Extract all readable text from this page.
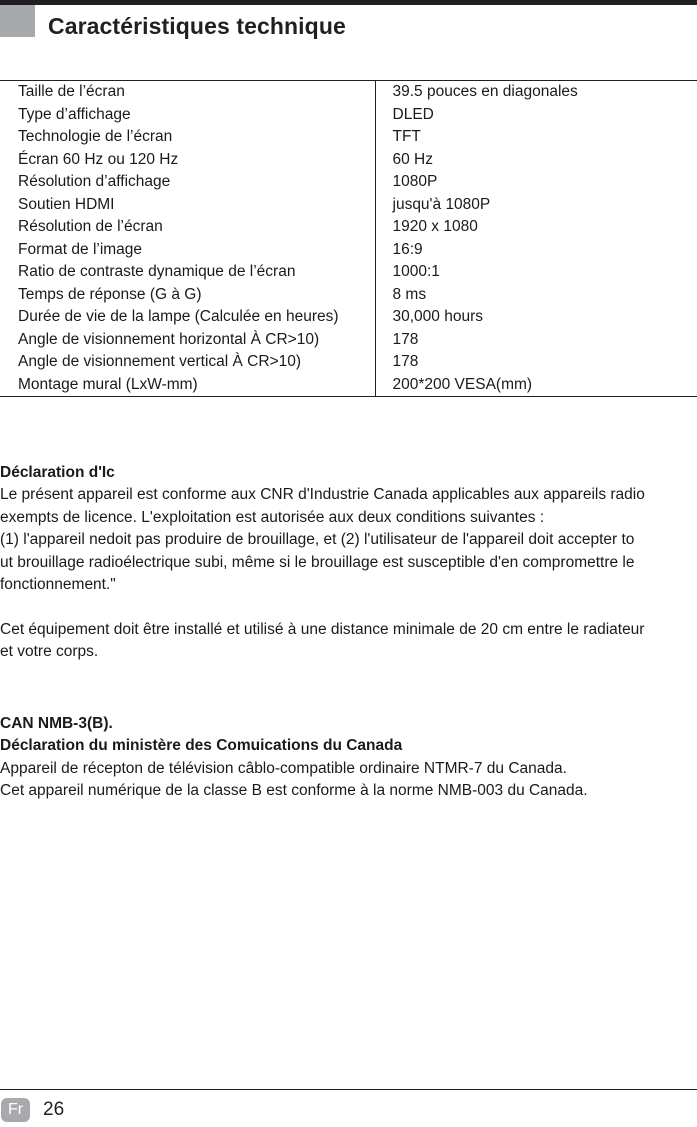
Caractéristiques technique
Taille de l’écran	39.5 pouces en diagonales
Type d’affichage	DLED
Technologie de l’écran	TFT
Écran 60 Hz ou 120 Hz	60 Hz
Résolution d’affichage	1080P
Soutien HDMI	jusqu'à 1080P
Résolution de l’écran	1920 x 1080
Format de l’image	16:9
Ratio de contraste dynamique de l’écran	1000:1
Temps de réponse (G à G)	8 ms
Durée de vie de la lampe (Calculée en heures)	30,000 hours
Angle de visionnement horizontal À CR>10)	178
Angle de visionnement vertical À CR>10)	178
Montage mural (LxW-mm)	200*200 VESA(mm)

Déclaration d'Ic

Le présent appareil est conforme aux CNR d'Industrie Canada applicables aux appareils radio

exempts de licence. L'exploitation est autorisée aux deux conditions suivantes :

(1) l'appareil nedoit pas produire de brouillage, et (2) l'utilisateur de l'appareil doit accepter to

ut brouillage radioélectrique subi, même si le brouillage est susceptible d'en compromettre le

fonctionnement."

Cet équipement doit être installé et utilisé à une distance minimale de 20 cm entre le radiateur

et votre corps.

CAN NMB-3(B).

Déclaration du ministère des Comuications du Canada

Appareil de récepton de télévision câblo-compatible ordinaire NTMR-7 du Canada.

Cet appareil numérique de la classe B est conforme à la norme NMB-003 du Canada.

Fr	26
